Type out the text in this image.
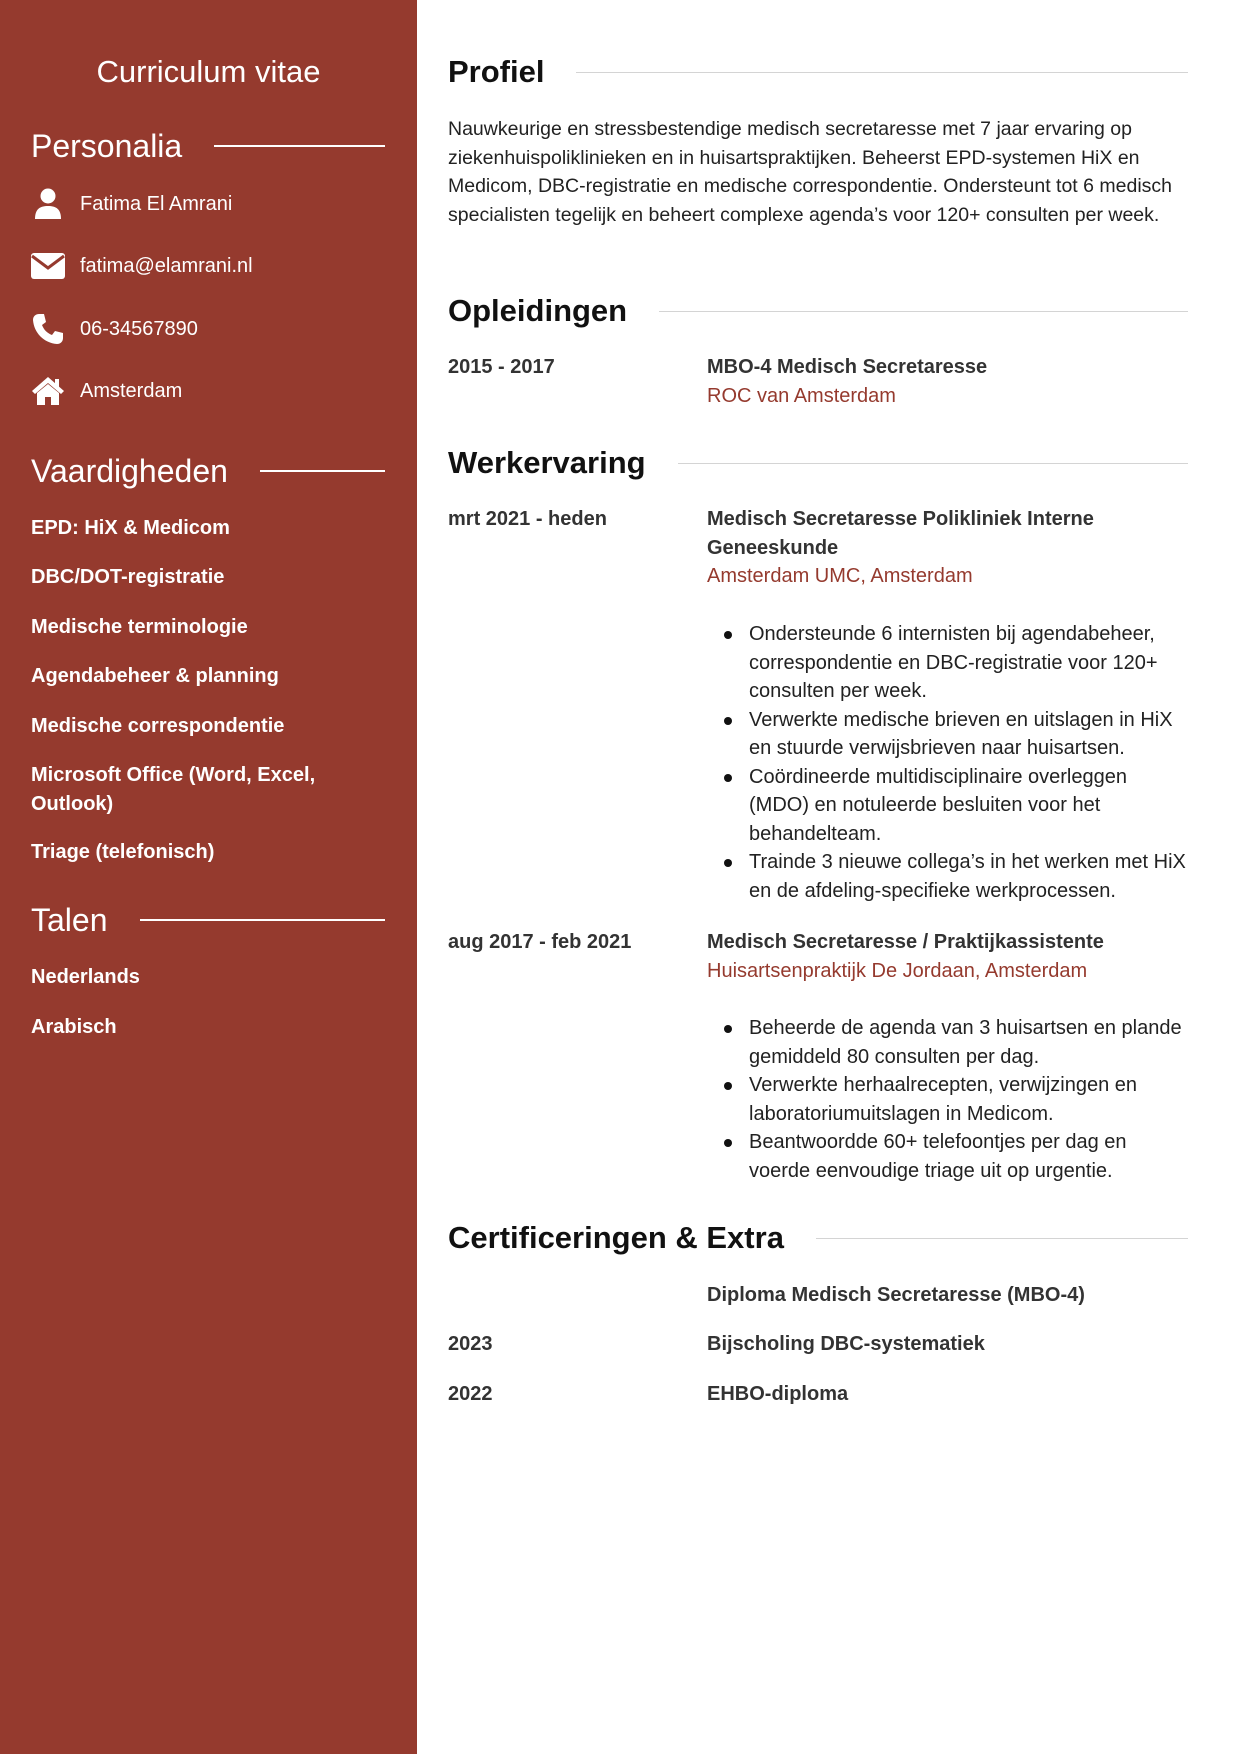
Curriculum vitae
Personalia
Fatima El Amrani
fatima@elamrani.nl
06-34567890
Amsterdam
Vaardigheden
EPD: HiX & Medicom
DBC/DOT-registratie
Medische terminologie
Agendabeheer & planning
Medische correspondentie
Microsoft Office (Word, Excel, Outlook)
Triage (telefonisch)
Talen
Nederlands
Arabisch
Profiel
Nauwkeurige en stressbestendige medisch secretaresse met 7 jaar ervaring op ziekenhuispoliklinieken en in huisartspraktijken. Beheerst EPD-systemen HiX en Medicom, DBC-registratie en medische correspondentie. Ondersteunt tot 6 medisch specialisten tegelijk en beheert complexe agenda’s voor 120+ consulten per week.
Opleidingen
2015 - 2017	MBO-4 Medisch Secretaresse
ROC van Amsterdam
Werkervaring
mrt 2021 - heden	Medisch Secretaresse Polikliniek Interne Geneeskunde
Amsterdam UMC, Amsterdam
Ondersteunde 6 internisten bij agendabeheer, correspondentie en DBC-registratie voor 120+ consulten per week.
Verwerkte medische brieven en uitslagen in HiX en stuurde verwijsbrieven naar huisartsen.
Coördineerde multidisciplinaire overleggen (MDO) en notuleerde besluiten voor het behandelteam.
Trainde 3 nieuwe collega’s in het werken met HiX en de afdeling-specifieke werkprocessen.
aug 2017 - feb 2021	Medisch Secretaresse / Praktijkassistente
Huisartsenpraktijk De Jordaan, Amsterdam
Beheerde de agenda van 3 huisartsen en plande gemiddeld 80 consulten per dag.
Verwerkte herhaalrecepten, verwijzingen en laboratoriumuitslagen in Medicom.
Beantwoordde 60+ telefoontjes per dag en voerde eenvoudige triage uit op urgentie.
Certificeringen & Extra
Diploma Medisch Secretaresse (MBO-4)
2023	Bijscholing DBC-systematiek
2022	EHBO-diploma
